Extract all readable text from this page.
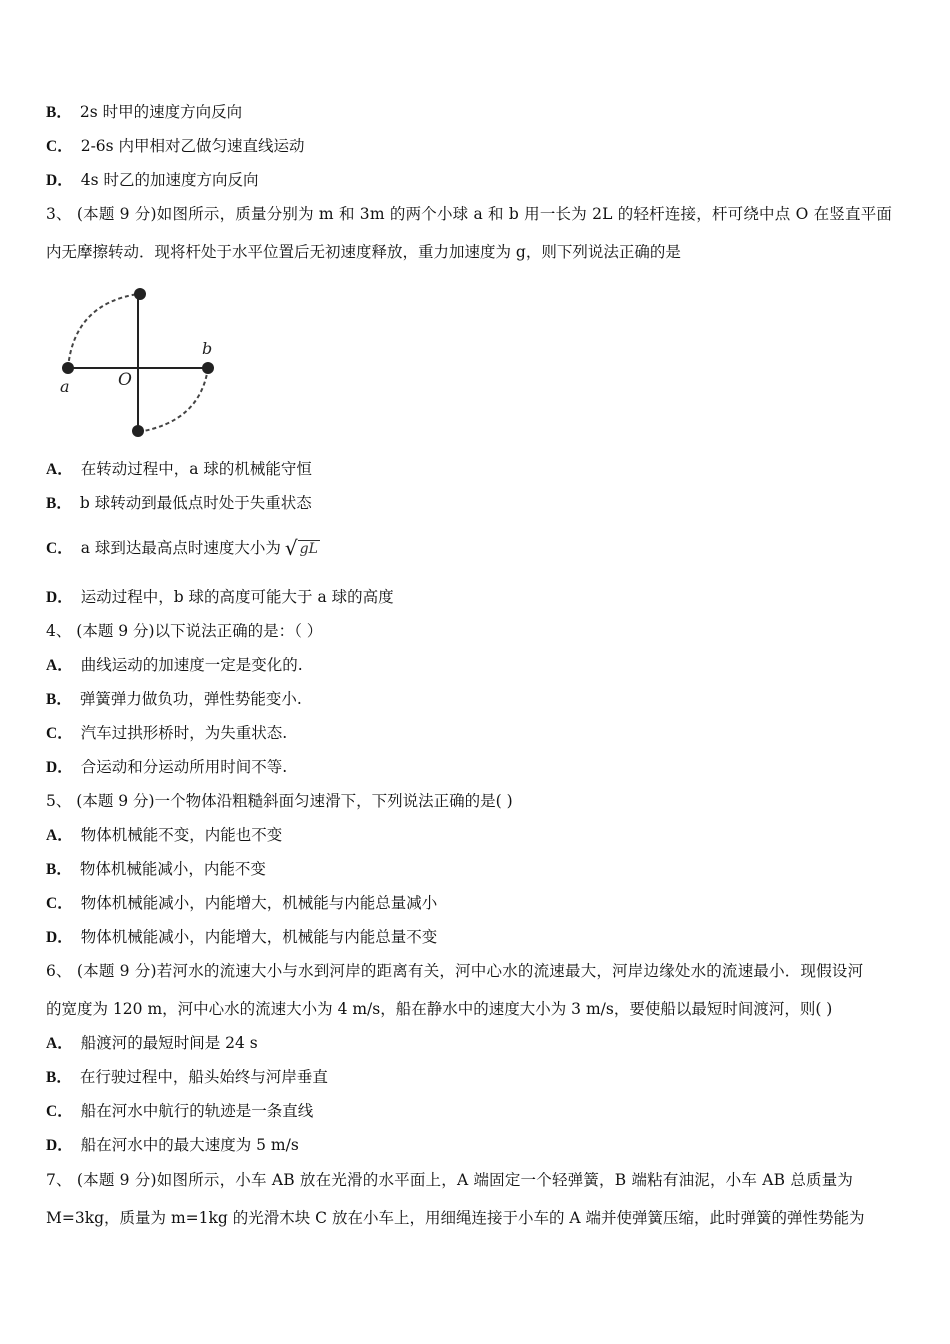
B． 2s 时甲的速度方向反向
C． 2-6s 内甲相对乙做匀速直线运动
D． 4s 时乙的加速度方向反向
3、 (本题 9 分)如图所示，质量分别为 m 和 3m 的两个小球 a 和 b 用一长为 2L 的轻杆连接，杆可绕中点 O 在竖直平面
内无摩擦转动．现将杆处于水平位置后无初速度释放，重力加速度为 g，则下列说法正确的是
a
b
O
A． 在转动过程中，a 球的机械能守恒
B． b 球转动到最低点时处于失重状态
C． a 球到达最高点时速度大小为 √ gL
D． 运动过程中，b 球的高度可能大于 a 球的高度
4、 (本题 9 分)以下说法正确的是：（ ）
A． 曲线运动的加速度一定是变化的.
B． 弹簧弹力做负功，弹性势能变小.
C． 汽车过拱形桥时，为失重状态.
D． 合运动和分运动所用时间不等.
5、 (本题 9 分)一个物体沿粗糙斜面匀速滑下，下列说法正确的是( )
A． 物体机械能不变，内能也不变
B． 物体机械能减小，内能不变
C． 物体机械能减小，内能增大，机械能与内能总量减小
D． 物体机械能减小，内能增大，机械能与内能总量不变
6、 (本题 9 分)若河水的流速大小与水到河岸的距离有关，河中心水的流速最大，河岸边缘处水的流速最小．现假设河
的宽度为 120 m，河中心水的流速大小为 4 m/s，船在静水中的速度大小为 3 m/s，要使船以最短时间渡河，则( )
A． 船渡河的最短时间是 24 s
B． 在行驶过程中，船头始终与河岸垂直
C． 船在河水中航行的轨迹是一条直线
D． 船在河水中的最大速度为 5 m/s
7、 (本题 9 分)如图所示，小车 AB 放在光滑的水平面上，A 端固定一个轻弹簧，B 端粘有油泥，小车 AB 总质量为
M=3kg，质量为 m=1kg 的光滑木块 C 放在小车上，用细绳连接于小车的 A 端并使弹簧压缩，此时弹簧的弹性势能为
